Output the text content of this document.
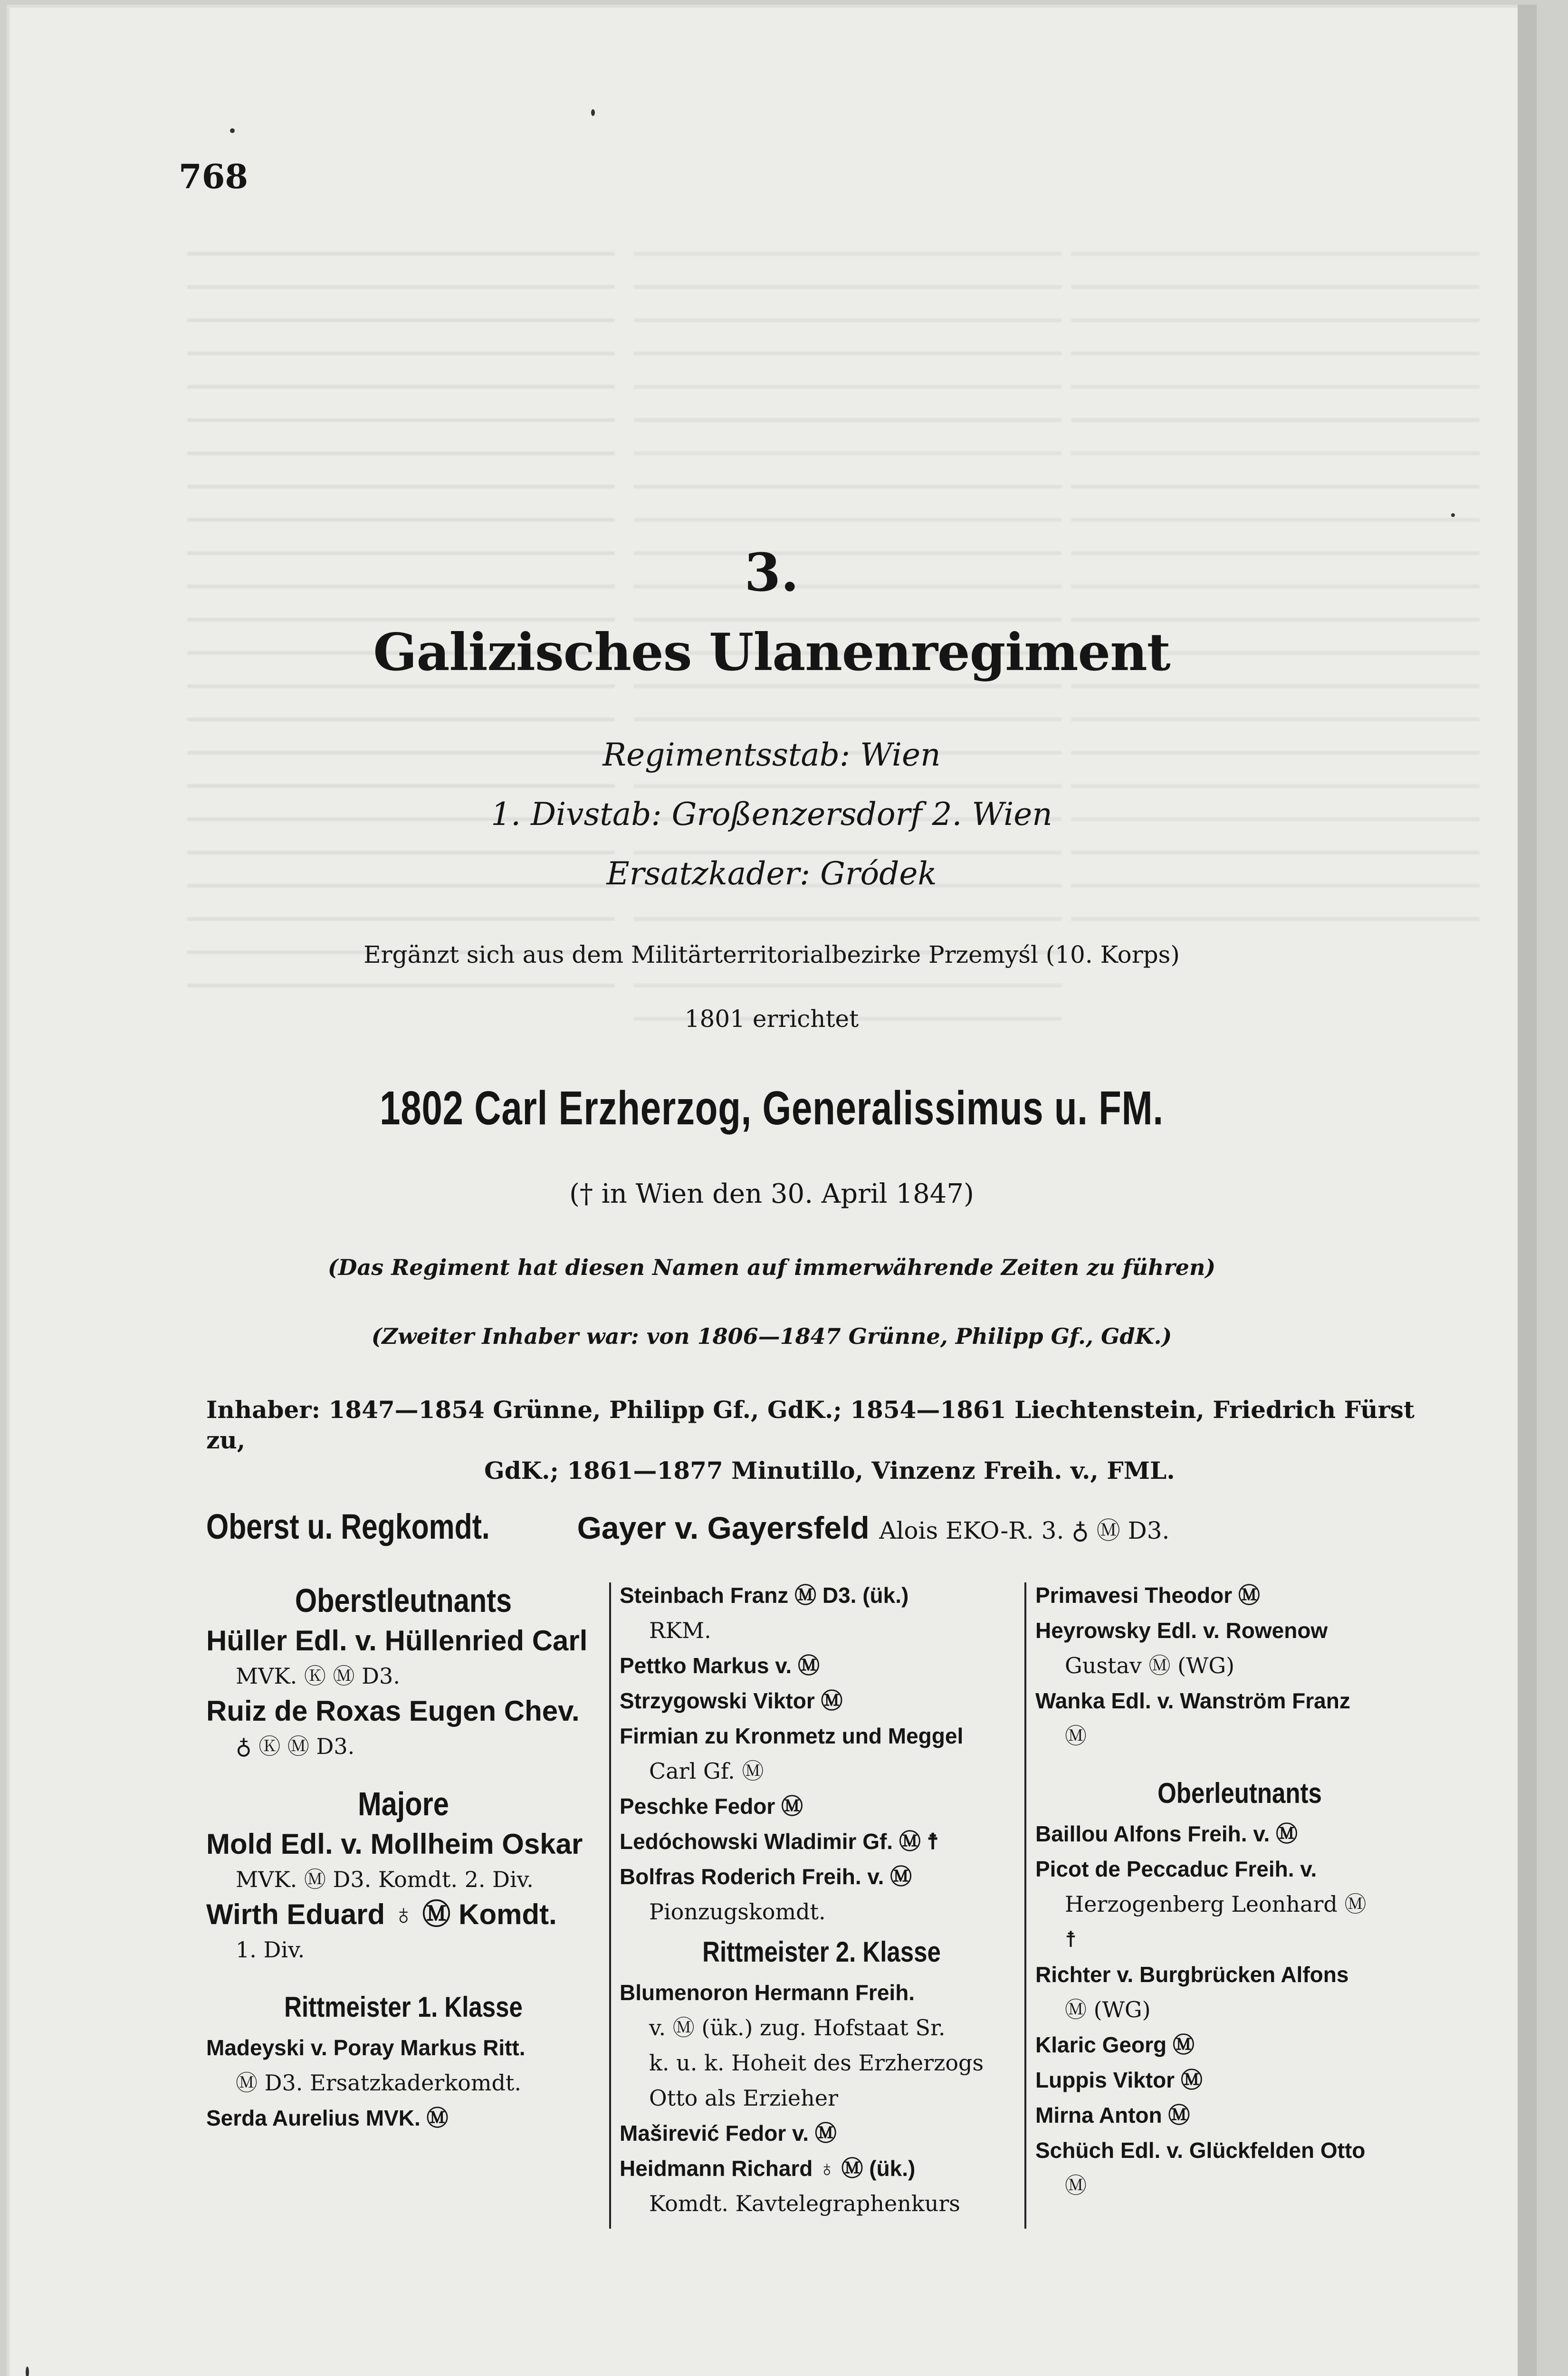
768
3.
Galizisches Ulanenregiment
Regimentsstab: Wien
1. Divstab: Großenzersdorf 2. Wien
Ersatzkader: Gródek
Ergänzt sich aus dem Militärterritorialbezirke Przemyśl (10. Korps)
1801 errichtet
1802 Carl Erzherzog, Generalissimus u. FM.
(† in Wien den 30. April 1847)
(Das Regiment hat diesen Namen auf immerwährende Zeiten zu führen)
(Zweiter Inhaber war: von 1806—1847 Grünne, Philipp Gf., GdK.)
Inhaber: 1847—1854 Grünne, Philipp Gf., GdK.; 1854—1861 Liechtenstein, Friedrich Fürst zu,
GdK.; 1861—1877 Minutillo, Vinzenz Freih. v., FML.
Oberst u. Regkomdt.	Gayer v. Gayersfeld Alois EKO-R. 3. ♁ Ⓜ D3.
Oberstleutnants
Hüller Edl. v. Hüllenried Carl
MVK. Ⓚ Ⓜ D3.
Ruiz de Roxas Eugen Chev.
♁ Ⓚ Ⓜ D3.
Majore
Mold Edl. v. Mollheim Oskar
MVK. Ⓜ D3. Komdt. 2. Div.
Wirth Eduard ♁ Ⓜ Komdt.
1. Div.
Rittmeister 1. Klasse
Madeyski v. Poray Markus Ritt.
Ⓜ D3. Ersatzkaderkomdt.
Serda Aurelius MVK. Ⓜ
Steinbach Franz Ⓜ D3. (ük.)
RKM.
Pettko Markus v. Ⓜ
Strzygowski Viktor Ⓜ
Firmian zu Kronmetz und Meggel
Carl Gf. Ⓜ
Peschke Fedor Ⓜ
Ledóchowski Wladimir Gf. Ⓜ ☨
Bolfras Roderich Freih. v. Ⓜ
Pionzugskomdt.
Rittmeister 2. Klasse
Blumenoron Hermann Freih.
v. Ⓜ (ük.) zug. Hofstaat Sr.
k. u. k. Hoheit des Erzherzogs
Otto als Erzieher
Maširević Fedor v. Ⓜ
Heidmann Richard ♁ Ⓜ (ük.)
Komdt. Kavtelegraphenkurs
Primavesi Theodor Ⓜ
Heyrowsky Edl. v. Rowenow
Gustav Ⓜ (WG)
Wanka Edl. v. Wanström Franz
Ⓜ
Oberleutnants
Baillou Alfons Freih. v. Ⓜ
Picot de Peccaduc Freih. v.
Herzogenberg Leonhard Ⓜ
☨
Richter v. Burgbrücken Alfons
Ⓜ (WG)
Klaric Georg Ⓜ
Luppis Viktor Ⓜ
Mirna Anton Ⓜ
Schüch Edl. v. Glückfelden Otto
Ⓜ
